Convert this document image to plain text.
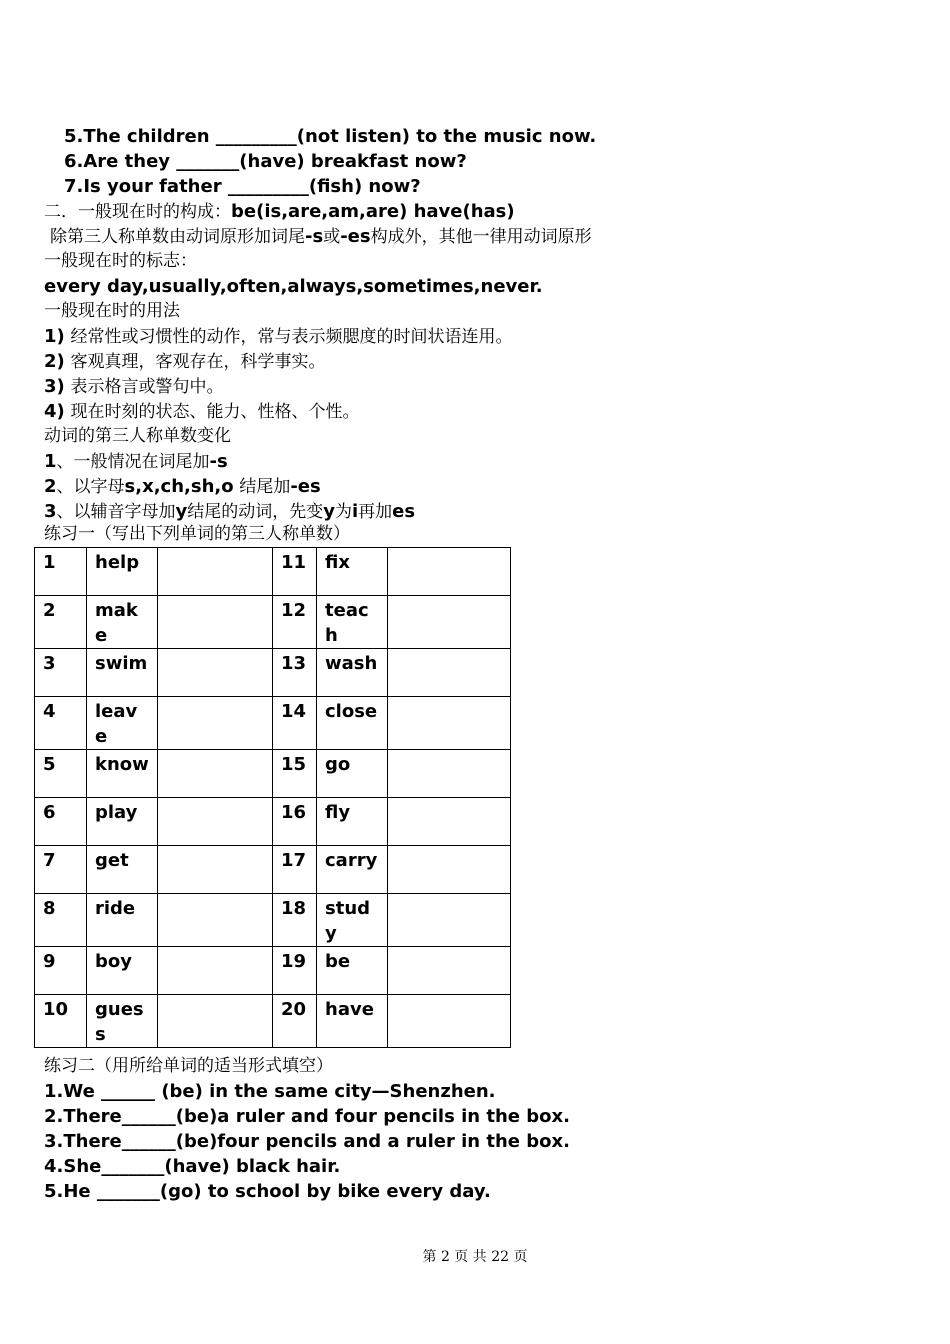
5.The children _________(not listen) to the music now.
6.Are they _______(have) breakfast now?
7.Is your father _________(fish) now?
二．一般现在时的构成：be(is,are,am,are) have(has)
除第三人称单数由动词原形加词尾-s或-es构成外，其他一律用动词原形
一般现在时的标志：
every day,usually,often,always,sometimes,never.
一般现在时的用法
1) 经常性或习惯性的动作，常与表示频腮度的时间状语连用。
2) 客观真理，客观存在，科学事实。
3) 表示格言或警句中。
4) 现在时刻的状态、能力、性格、个性。
动词的第三人称单数变化
1、一般情况在词尾加-s
2、以字母s,x,ch,sh,o 结尾加-es
3、以辅音字母加y结尾的动词，先变y为i再加es
练习一（写出下列单词的第三人称单数）
1	help		11	fix	
2	make		12	teach	
3	swim		13	wash	
4	leave		14	close	
5	know		15	go	
6	play		16	fly	
7	get		17	carry	
8	ride		18	study	
9	boy		19	be	
10	guess		20	have	
练习二（用所给单词的适当形式填空）
1.We ______ (be) in the same city—Shenzhen.
2.There______(be)a ruler and four pencils in the box.
3.There______(be)four pencils and a ruler in the box.
4.She_______(have) black hair.
5.He _______(go) to school by bike every day.
第 2 页 共 22 页
